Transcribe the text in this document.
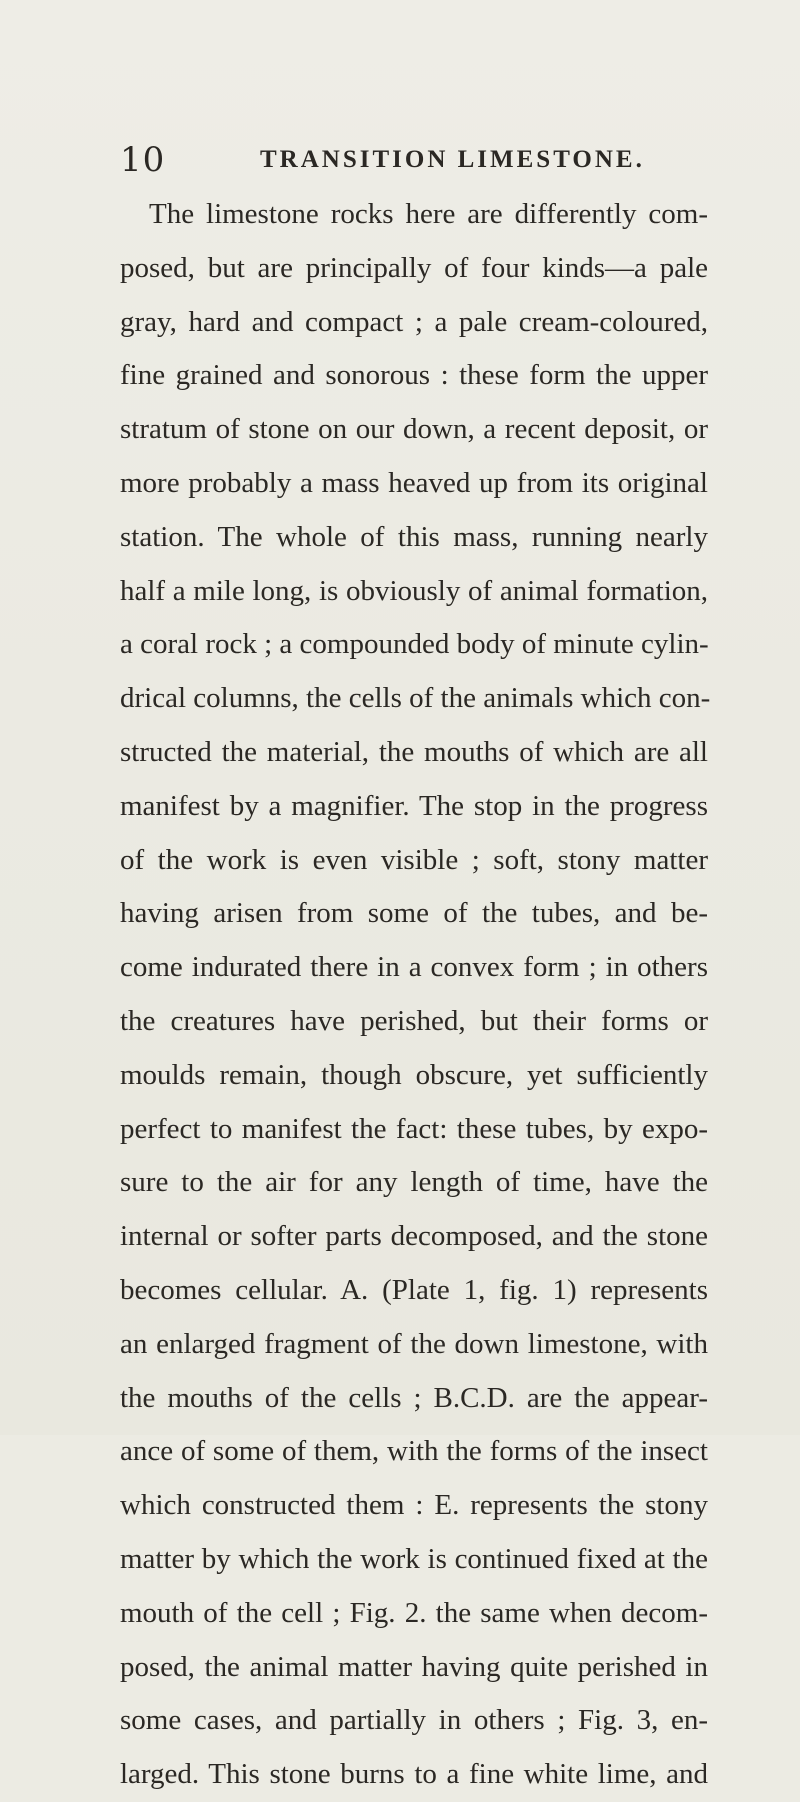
10	TRANSITION LIMESTONE.
The limestone rocks here are differently com-
posed, but are principally of four kinds—a pale
gray, hard and compact ; a pale cream-coloured,
fine grained and sonorous : these form the upper
stratum of stone on our down, a recent deposit, or
more probably a mass heaved up from its original
station. The whole of this mass, running nearly
half a mile long, is obviously of animal formation,
a coral rock ; a compounded body of minute cylin-
drical columns, the cells of the animals which con-
structed the material, the mouths of which are all
manifest by a magnifier. The stop in the progress
of the work is even visible ; soft, stony matter
having arisen from some of the tubes, and be-
come indurated there in a convex form ; in others
the creatures have perished, but their forms or
moulds remain, though obscure, yet sufficiently
perfect to manifest the fact: these tubes, by expo-
sure to the air for any length of time, have the
internal or softer parts decomposed, and the stone
becomes cellular. A. (Plate 1, fig. 1) represents
an enlarged fragment of the down limestone, with
the mouths of the cells ; B.C.D. are the appear-
ance of some of them, with the forms of the insect
which constructed them : E. represents the stony
matter by which the work is continued fixed at the
mouth of the cell ; Fig. 2. the same when decom-
posed, the animal matter having quite perished in
some cases, and partially in others ; Fig. 3, en-
larged. This stone burns to a fine white lime, and
